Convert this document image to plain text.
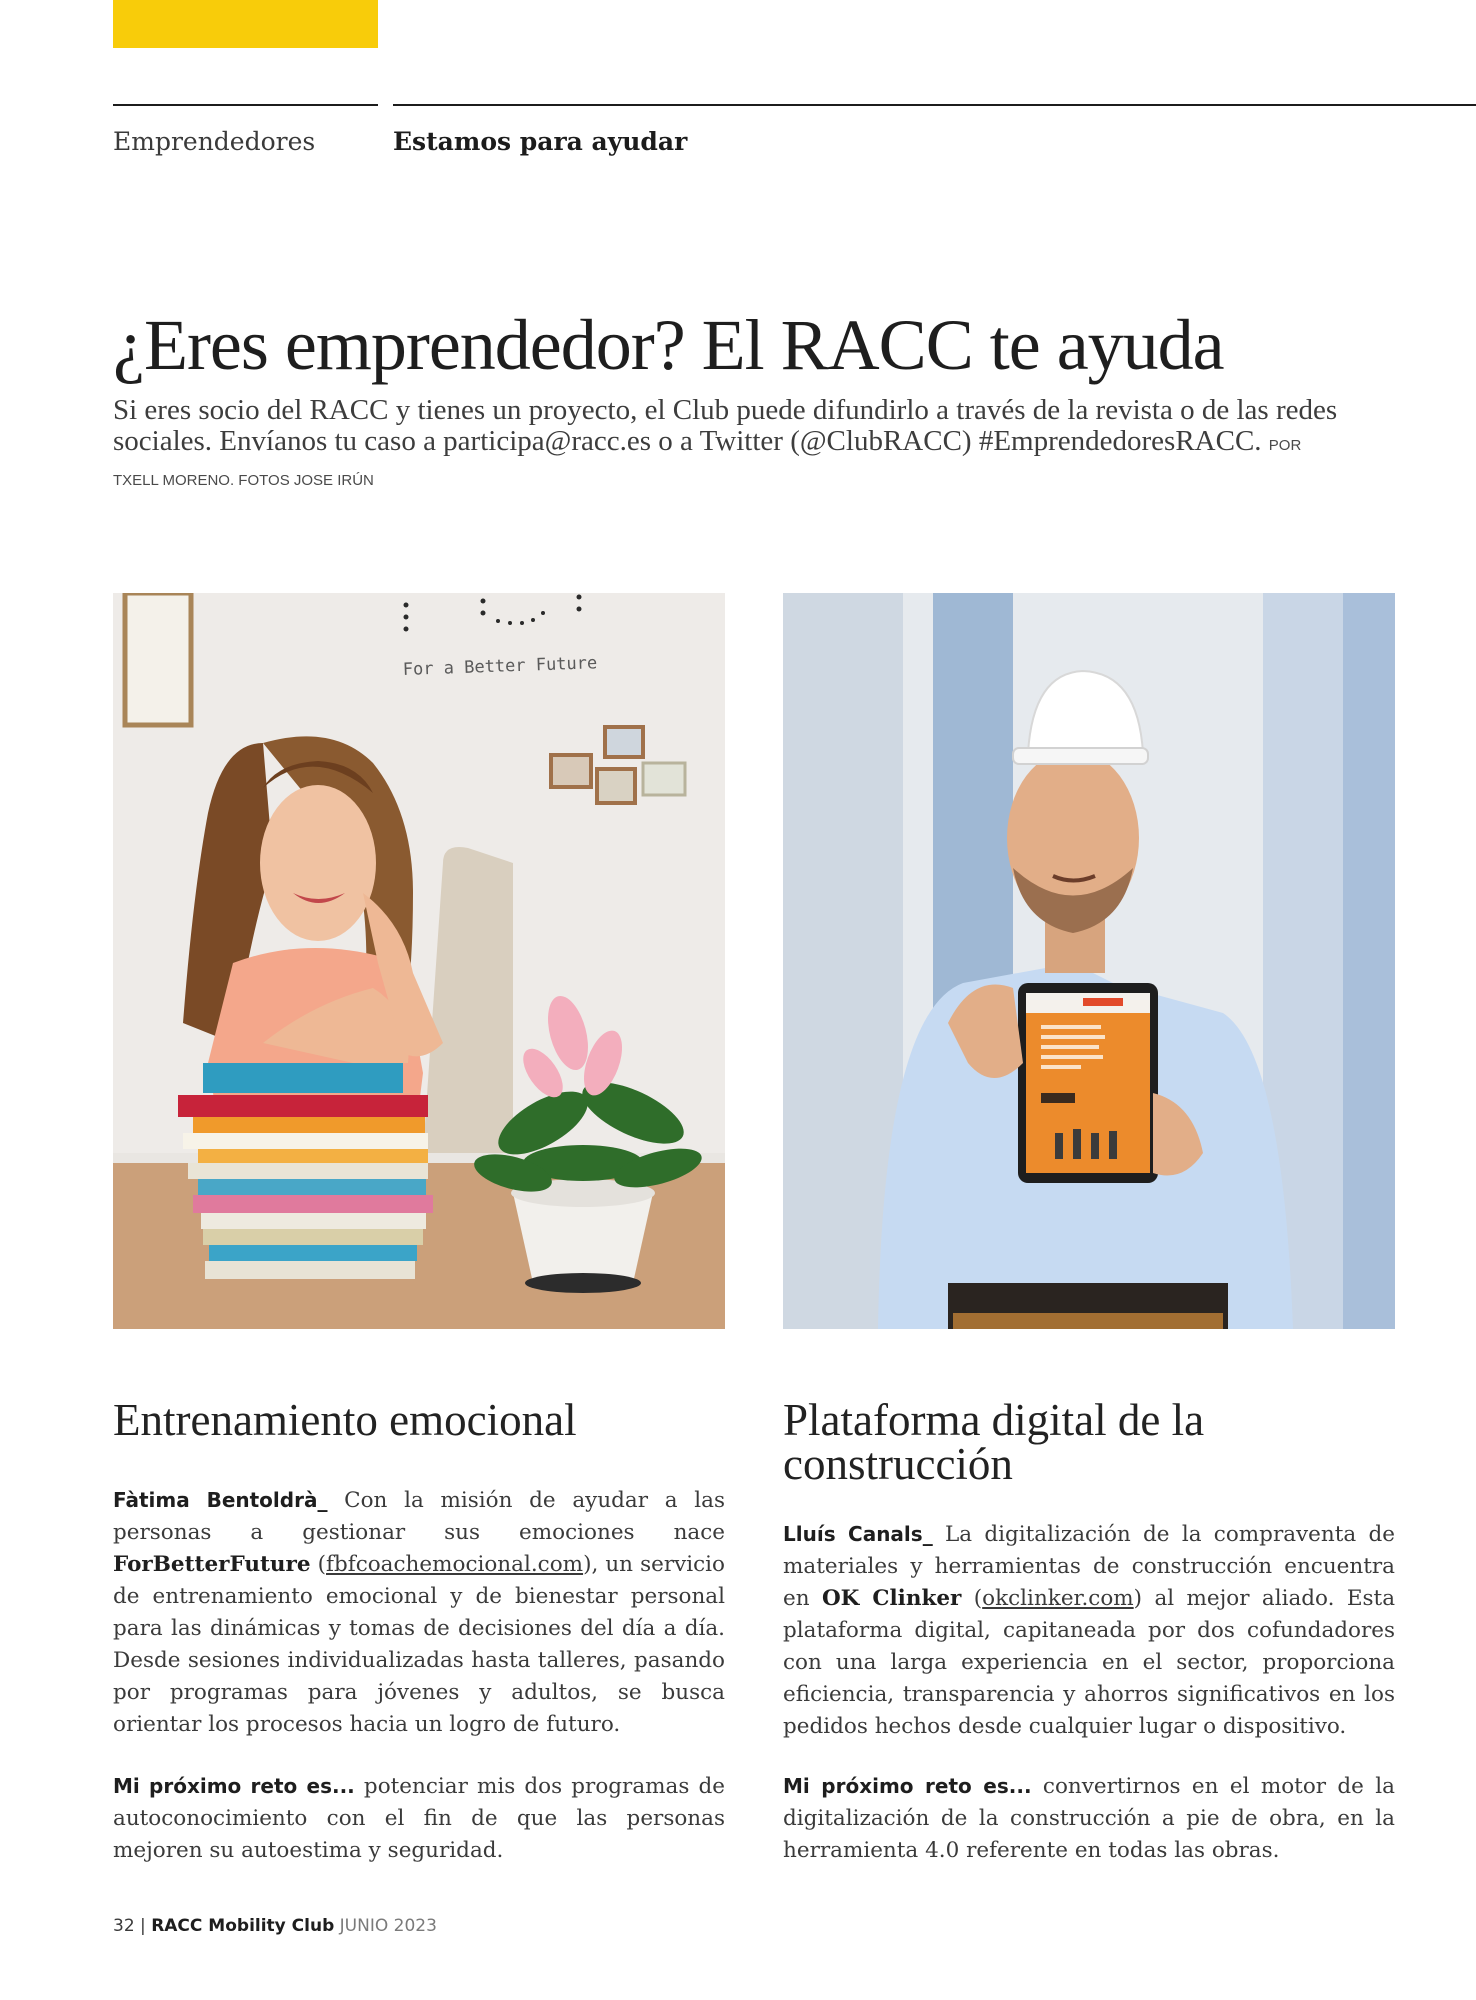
Emprendedores	Estamos para ayudar
¿Eres emprendedor? El RACC te ayuda

Si eres socio del RACC y tienes un proyecto, el Club puede difundirlo a través de la revista o de las redes sociales. Envíanos tu caso a participa@racc.es o a Twitter (@ClubRACC) #EmprendedoresRACC. POR TXELL MORENO. FOTOS JOSE IRÚN

For a Better Future
Entrenamiento emocional

Fàtima Bentoldrà_ Con la misión de ayudar a las personas a gestionar sus emociones nace ForBetterFuture (fbfcoachemocional.com), un servicio de entrenamiento emocional y de bienestar personal para las dinámicas y tomas de decisiones del día a día. Desde sesiones individualizadas hasta talleres, pasando por programas para jóvenes y adultos, se busca orientar los procesos hacia un logro de futuro.

Mi próximo reto es... potenciar mis dos programas de autoconocimiento con el fin de que las personas mejoren su autoestima y seguridad.

Plataforma digital de la construcción

Lluís Canals_ La digitalización de la compraventa de materiales y herramientas de construcción encuentra en OK Clinker (okclinker.com) al mejor aliado. Esta plataforma digital, capitaneada por dos cofundadores con una larga experiencia en el sector, proporciona eficiencia, transparencia y ahorros significativos en los pedidos hechos desde cualquier lugar o dispositivo.

Mi próximo reto es... convertirnos en el motor de la digitalización de la construcción a pie de obra, en la herramienta 4.0 referente en todas las obras.

32 | RACC Mobility Club JUNIO 2023
